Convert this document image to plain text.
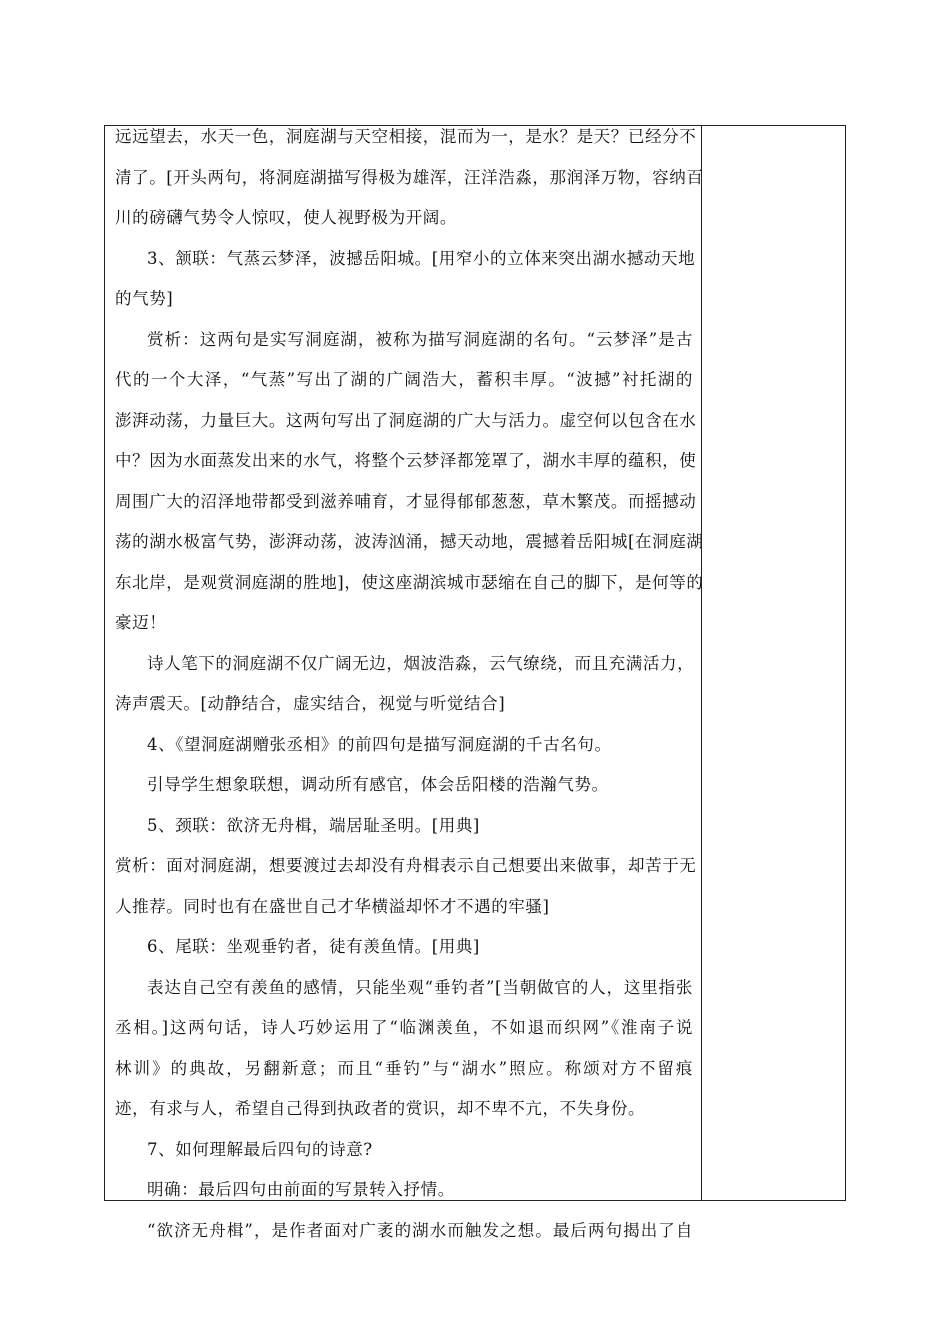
远远望去，水天一色，洞庭湖与天空相接，混而为一，是水？是天？已经分不
清了。[开头两句，将洞庭湖描写得极为雄浑，汪洋浩淼，那润泽万物，容纳百
川的磅礴气势令人惊叹，使人视野极为开阔。
3、颔联：气蒸云梦泽，波撼岳阳城。[用窄小的立体来突出湖水撼动天地
的气势]
赏析：这两句是实写洞庭湖，被称为描写洞庭湖的名句。“云梦泽”是古
代的一个大泽，“气蒸”写出了湖的广阔浩大，蓄积丰厚。“波撼”衬托湖的
澎湃动荡，力量巨大。这两句写出了洞庭湖的广大与活力。虚空何以包含在水
中？因为水面蒸发出来的水气，将整个云梦泽都笼罩了，湖水丰厚的蕴积，使
周围广大的沼泽地带都受到滋养哺育，才显得郁郁葱葱，草木繁茂。而摇撼动
荡的湖水极富气势，澎湃动荡，波涛汹涌，撼天动地，震撼着岳阳城[在洞庭湖
东北岸，是观赏洞庭湖的胜地]，使这座湖滨城市瑟缩在自己的脚下，是何等的
豪迈！
诗人笔下的洞庭湖不仅广阔无边，烟波浩淼，云气缭绕，而且充满活力，
涛声震天。[动静结合，虚实结合，视觉与听觉结合]
4、《望洞庭湖赠张丞相》的前四句是描写洞庭湖的千古名句。
引导学生想象联想，调动所有感官，体会岳阳楼的浩瀚气势。
5、颈联：欲济无舟楫，端居耻圣明。[用典]
赏析：面对洞庭湖，想要渡过去却没有舟楫表示自己想要出来做事，却苦于无
人推荐。同时也有在盛世自己才华横溢却怀才不遇的牢骚]
6、尾联：坐观垂钓者，徒有羡鱼情。[用典]
表达自己空有羡鱼的感情，只能坐观“垂钓者”[当朝做官的人，这里指张
丞相。]这两句话，诗人巧妙运用了“临渊羡鱼，不如退而织网”《淮南子说
林训》的典故，另翻新意；而且“垂钓”与“湖水”照应。称颂对方不留痕
迹，有求与人，希望自己得到执政者的赏识，却不卑不亢，不失身份。
7、如何理解最后四句的诗意?
明确：最后四句由前面的写景转入抒情。
“欲济无舟楫”，是作者面对广袤的湖水而触发之想。最后两句揭出了自
